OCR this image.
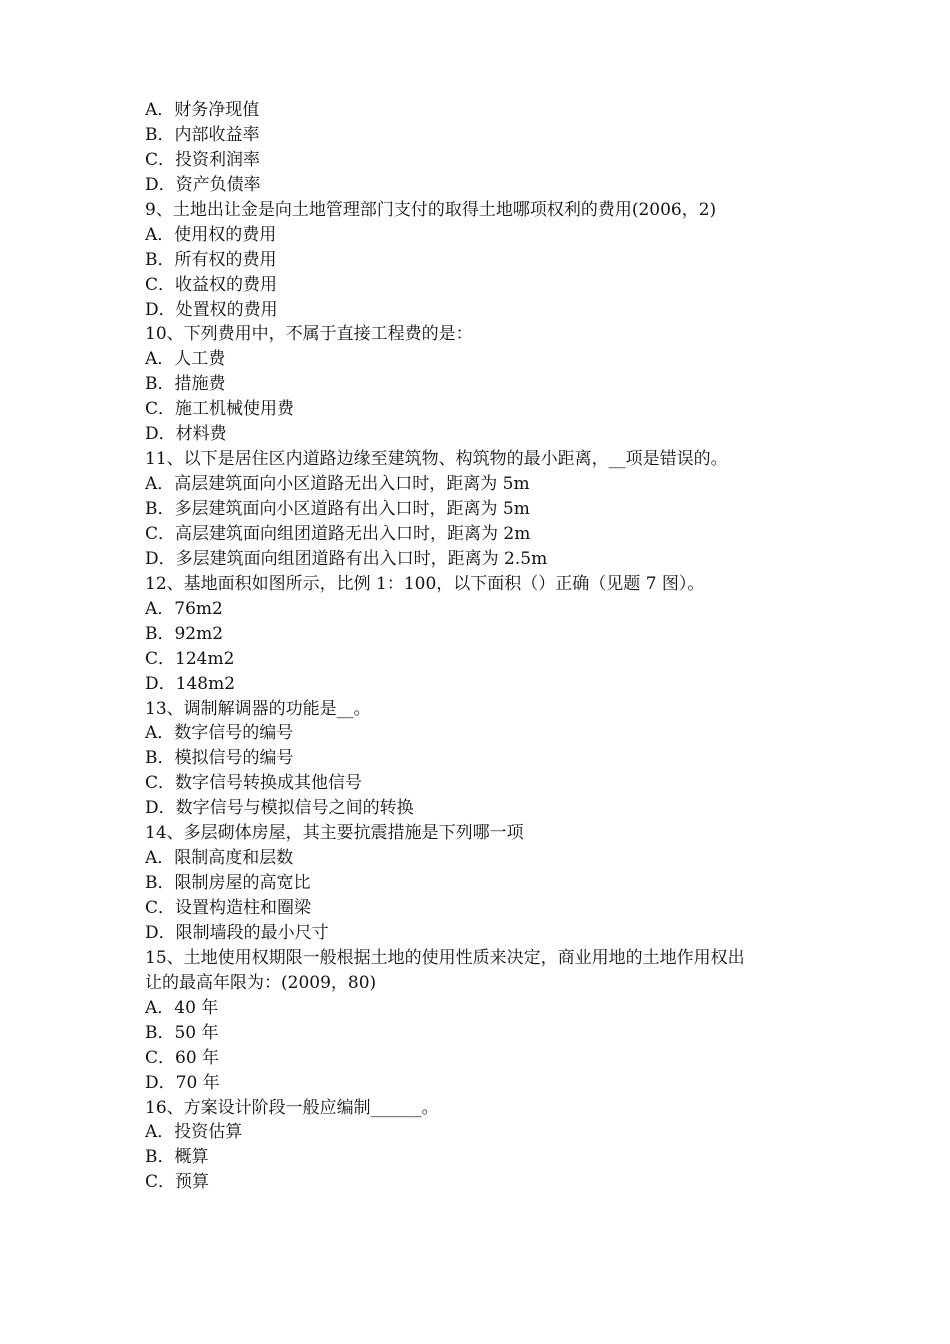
A．财务净现值
B．内部收益率
C．投资利润率
D．资产负债率
9、土地出让金是向土地管理部门支付的取得土地哪项权利的费用(2006，2)
A．使用权的费用
B．所有权的费用
C．收益权的费用
D．处置权的费用
10、下列费用中，不属于直接工程费的是：
A．人工费
B．措施费
C．施工机械使用费
D．材料费
11、以下是居住区内道路边缘至建筑物、构筑物的最小距离，__项是错误的。
A．高层建筑面向小区道路无出入口时，距离为 5m
B．多层建筑面向小区道路有出入口时，距离为 5m
C．高层建筑面向组团道路无出入口时，距离为 2m
D．多层建筑面向组团道路有出入口时，距离为 2.5m
12、基地面积如图所示，比例 1：100，以下面积（）正确（见题 7 图）。
A．76m2
B．92m2
C．124m2
D．148m2
13、调制解调器的功能是__。
A．数字信号的编号
B．模拟信号的编号
C．数字信号转换成其他信号
D．数字信号与模拟信号之间的转换
14、多层砌体房屋，其主要抗震措施是下列哪一项
A．限制高度和层数
B．限制房屋的高宽比
C．设置构造柱和圈梁
D．限制墙段的最小尺寸
15、土地使用权期限一般根据土地的使用性质来决定，商业用地的土地作用权出
让的最高年限为：(2009，80)
A．40 年
B．50 年
C．60 年
D．70 年
16、方案设计阶段一般应编制______。
A．投资估算
B．概算
C．预算
